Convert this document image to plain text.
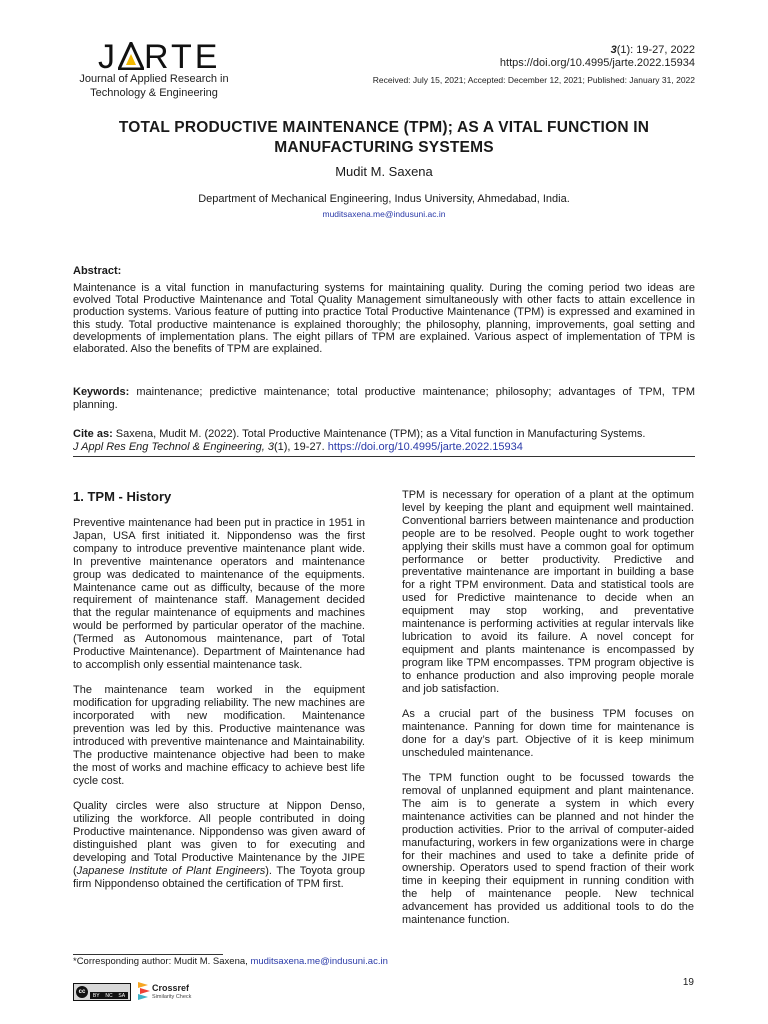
J RTE
Journal of Applied Research in
Technology & Engineering
3(1): 19-27, 2022
https://doi.org/10.4995/jarte.2022.15934
Received: July 15, 2021; Accepted: December 12, 2021; Published: January 31, 2022
TOTAL PRODUCTIVE MAINTENANCE (TPM); AS A VITAL FUNCTION IN
MANUFACTURING SYSTEMS
Mudit M. Saxena
Department of Mechanical Engineering, Indus University, Ahmedabad, India.
muditsaxena.me@indusuni.ac.in
Abstract:
Maintenance is a vital function in manufacturing systems for maintaining quality. During the coming period two ideas are evolved Total Productive Maintenance and Total Quality Management simultaneously with other facts to attain excellence in production systems. Various feature of putting into practice Total Productive Maintenance (TPM) is expressed and examined in this study. Total productive maintenance is explained thoroughly; the philosophy, planning, improvements, goal setting and developments of implementation plans. The eight pillars of TPM are explained. Various aspect of implementation of TPM is elaborated. Also the benefits of TPM are explained.
Keywords: maintenance; predictive maintenance; total productive maintenance; philosophy; advantages of TPM, TPM planning.
Cite as: Saxena, Mudit M. (2022). Total Productive Maintenance (TPM); as a Vital function in Manufacturing Systems.
J Appl Res Eng Technol & Engineering, 3(1), 19-27. https://doi.org/10.4995/jarte.2022.15934
1. TPM - History

Preventive maintenance had been put in practice in 1951 in Japan, USA first initiated it. Nippondenso was the first company to introduce preventive maintenance plant wide. In preventive maintenance operators and maintenance group was dedicated to maintenance of the equipments. Maintenance came out as difficulty, because of the more requirement of maintenance staff. Management decided that the regular maintenance of equipments and machines would be performed by particular operator of the machine. (Termed as Autonomous maintenance, part of Total Productive Maintenance). Department of Maintenance had to accomplish only essential maintenance task.

The maintenance team worked in the equipment modification for upgrading reliability. The new machines are incorporated with new modification. Maintenance prevention was led by this. Productive maintenance was introduced with preventive maintenance and Maintainability. The productive maintenance objective had been to make the most of works and machine efficacy to achieve best life cycle cost.

Quality circles were also structure at Nippon Denso, utilizing the workforce. All people contributed in doing Productive maintenance. Nippondenso was given award of distinguished plant was given to for executing and developing and Total Productive Maintenance by the JIPE (Japanese Institute of Plant Engineers). The Toyota group firm Nippondenso obtained the certification of TPM first.

TPM is necessary for operation of a plant at the optimum level by keeping the plant and equipment well maintained. Conventional barriers between maintenance and production people are to be resolved. People ought to work together applying their skills must have a common goal for optimum performance or better productivity. Predictive and preventative maintenance are important in building a base for a right TPM environment. Data and statistical tools are used for Predictive maintenance to decide when an equipment may stop working, and preventative maintenance is performing activities at regular intervals like lubrication to avoid its failure. A novel concept for equipment and plants maintenance is encompassed by program like TPM encompasses. TPM program objective is to enhance production and also improving people morale and job satisfaction.

As a crucial part of the business TPM focuses on maintenance. Panning for down time for maintenance is done for a day’s part. Objective of it is keep minimum unscheduled maintenance.

The TPM function ought to be focussed towards the removal of unplanned equipment and plant maintenance. The aim is to generate a system in which every maintenance activities can be planned and not hinder the production activities. Prior to the arrival of computer-aided manufacturing, workers in few organizations were in charge for their machines and used to take a definite pride of ownership. Operators used to spend fraction of their work time in keeping their equipment in running condition with the help of maintenance people. New technical advancement has provided us additional tools to do the maintenance function.

*Corresponding author: Mudit M. Saxena, muditsaxena.me@indusuni.ac.in
19
cc
BY NC SA
Crossref
Similarity Check
